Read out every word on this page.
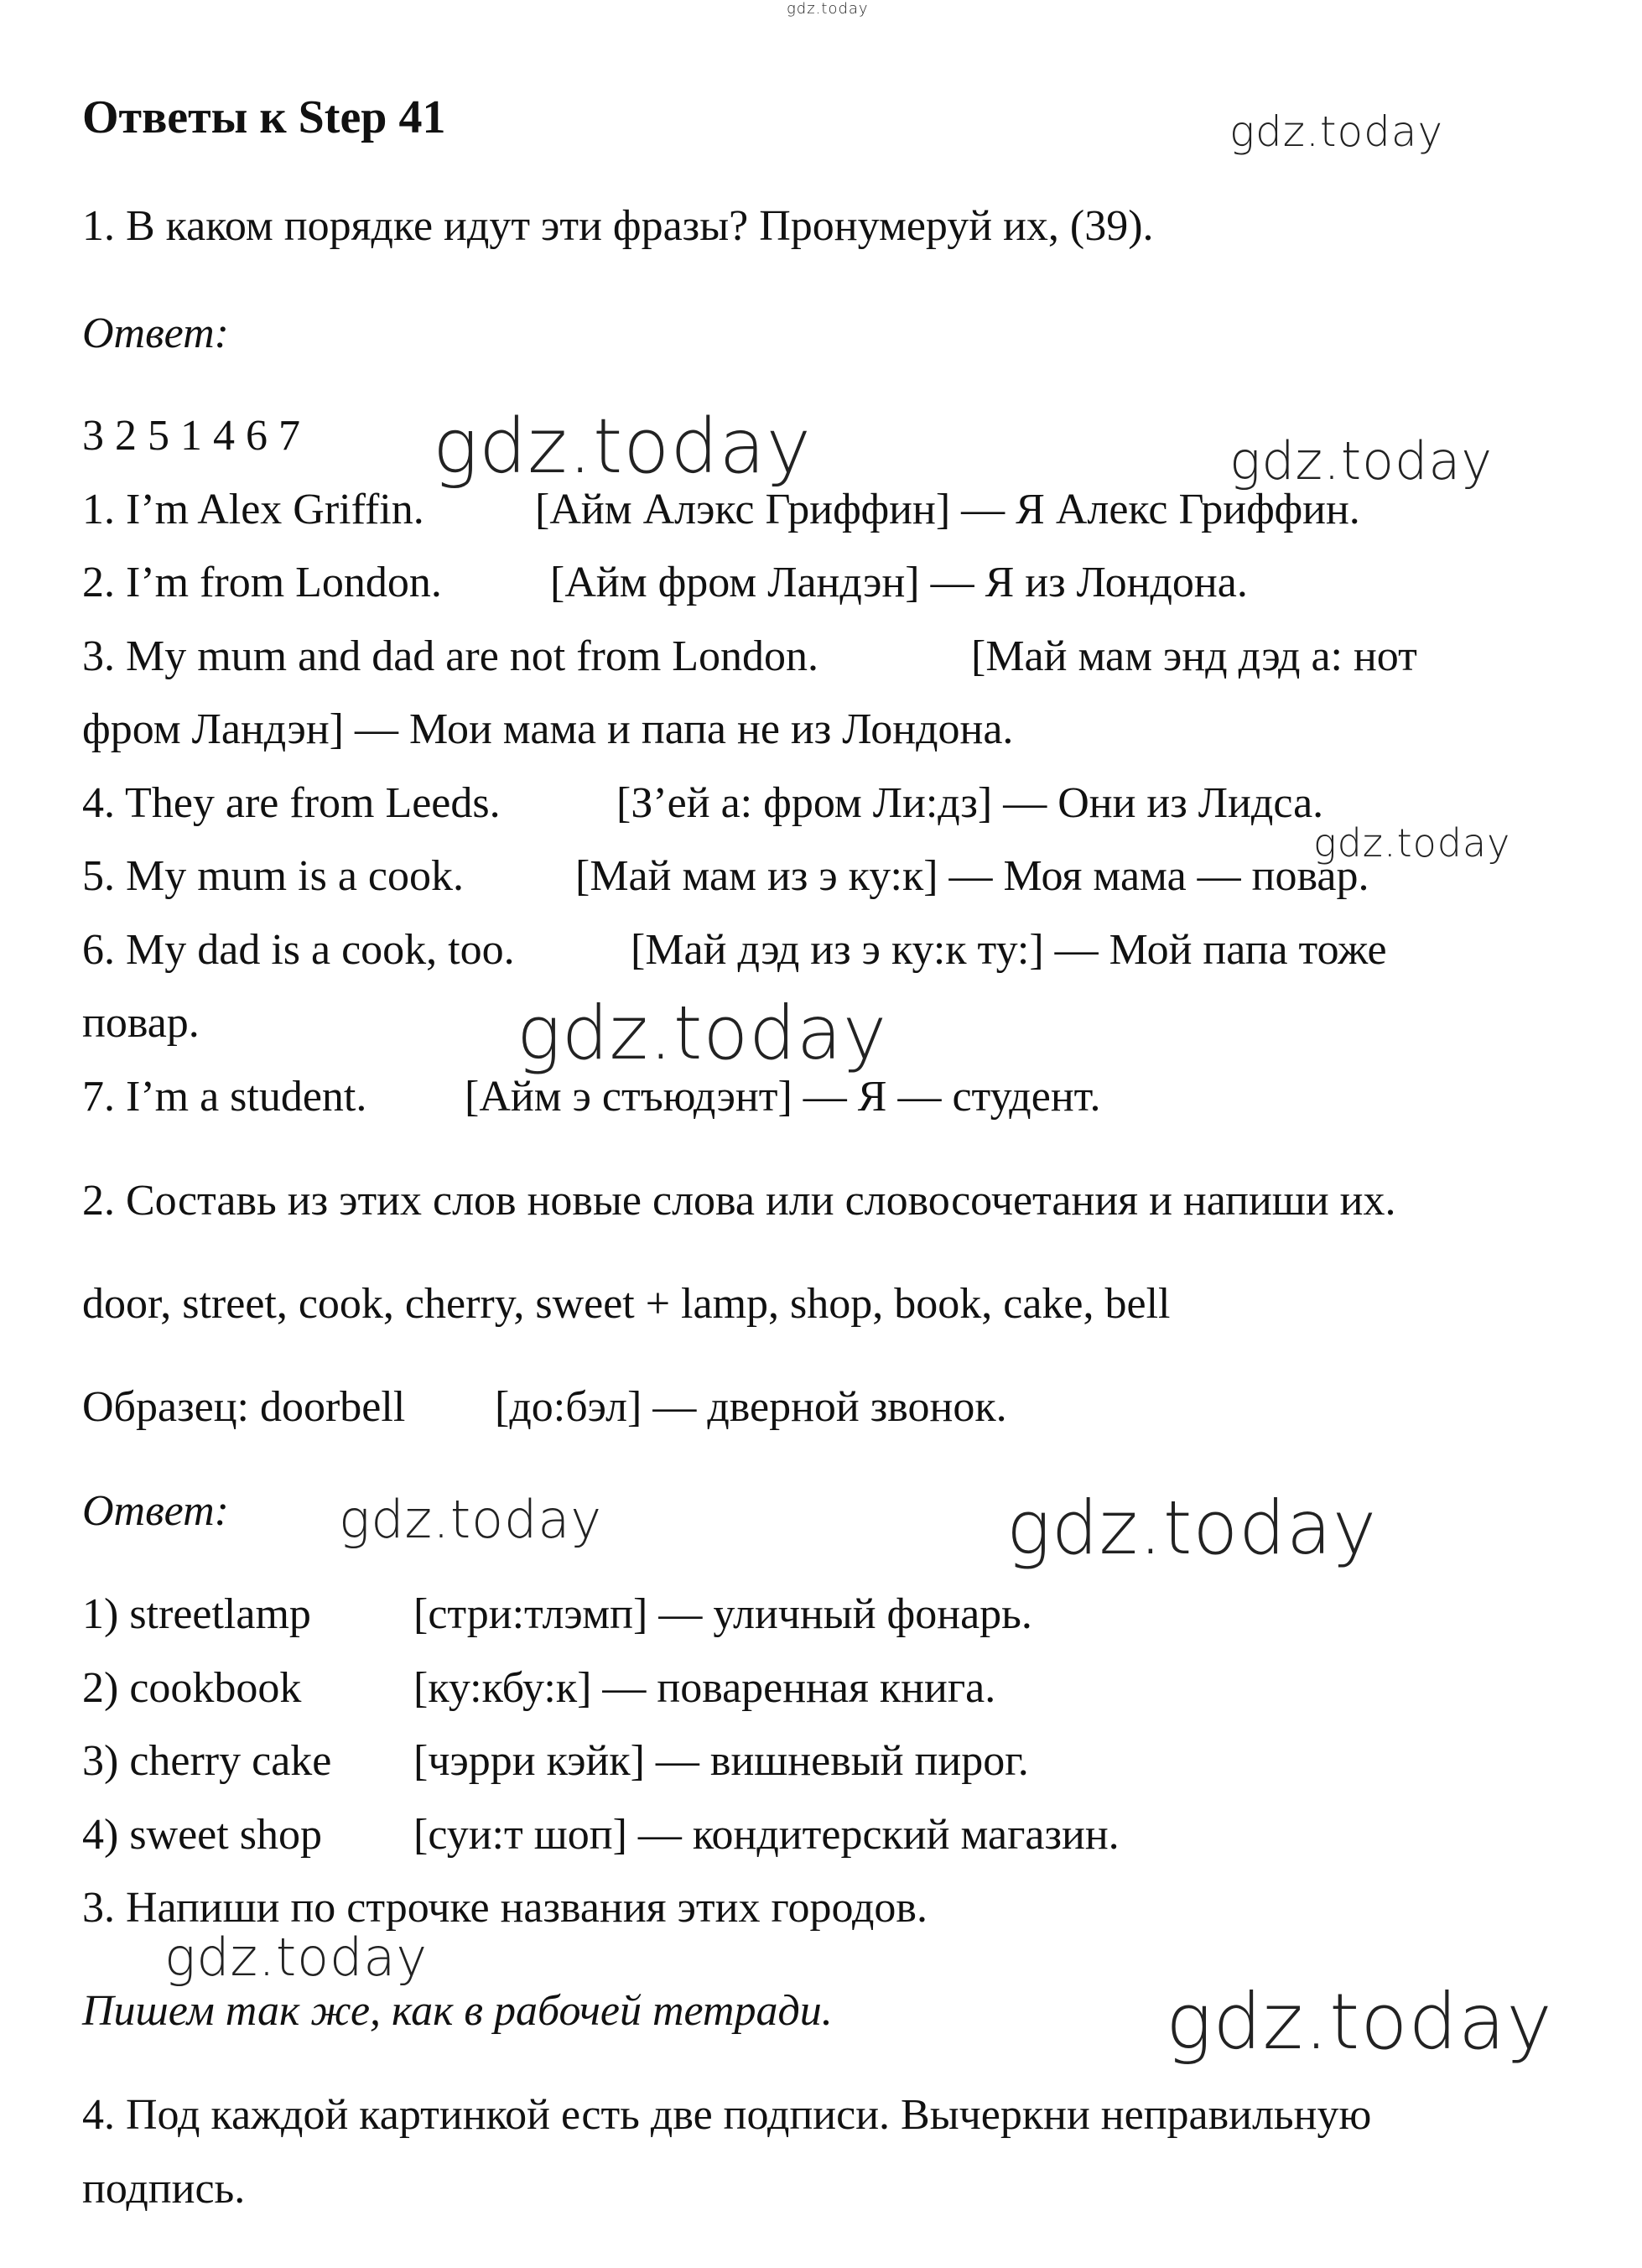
gdz.today
gdz.today
gdz.today	gdz.today
gdz.today
gdz.today
gdz.today	gdz.today
gdz.today
gdz.today
Ответы к Step 41
1. В каком порядке идут эти фразы? Пронумеруй их, (39).
Ответ:
3 2 5 1 4 6 7
1. I’m Alex Griffin.	[Айм Алэкс Гриффин] — Я Алекс Гриффин.
2. I’m from London. [Айм фром Ландэн] — Я из Лондона.
3. My mum and dad are not from London.	[Май мам энд дэд а: нот
фром Ландэн] — Мои мама и папа не из Лондона.
4. They are from Leeds.	[З’ей а: фром Ли:дз] — Они из Лидса.
5. My mum is a cook.	[Май мам из э ку:к] — Моя мама — повар.
6. My dad is a cook, too.	[Май дэд из э ку:к ту:] — Мой папа тоже
повар.
7. I’m a student. [Айм э стъюдэнт] — Я — студент.
2. Составь из этих слов новые слова или словосочетания и напиши их.
door, street, cook, cherry, sweet + lamp, shop, book, cake, bell
Образец: doorbell [до:бэл] — дверной звонок.
Ответ:
1) streetlamp [стри:тлэмп] — уличный фонарь.
2) cookbook	[ку:кбу:к] — поваренная книга.
3) cherry cake [чэрри кэйк] — вишневый пирог.
4) sweet shop [суи:т шоп] — кондитерский магазин.
3. Напиши по строчке названия этих городов.
Пишем так же, как в рабочей тетради.
4. Под каждой картинкой есть две подписи. Вычеркни неправильную
подпись.
